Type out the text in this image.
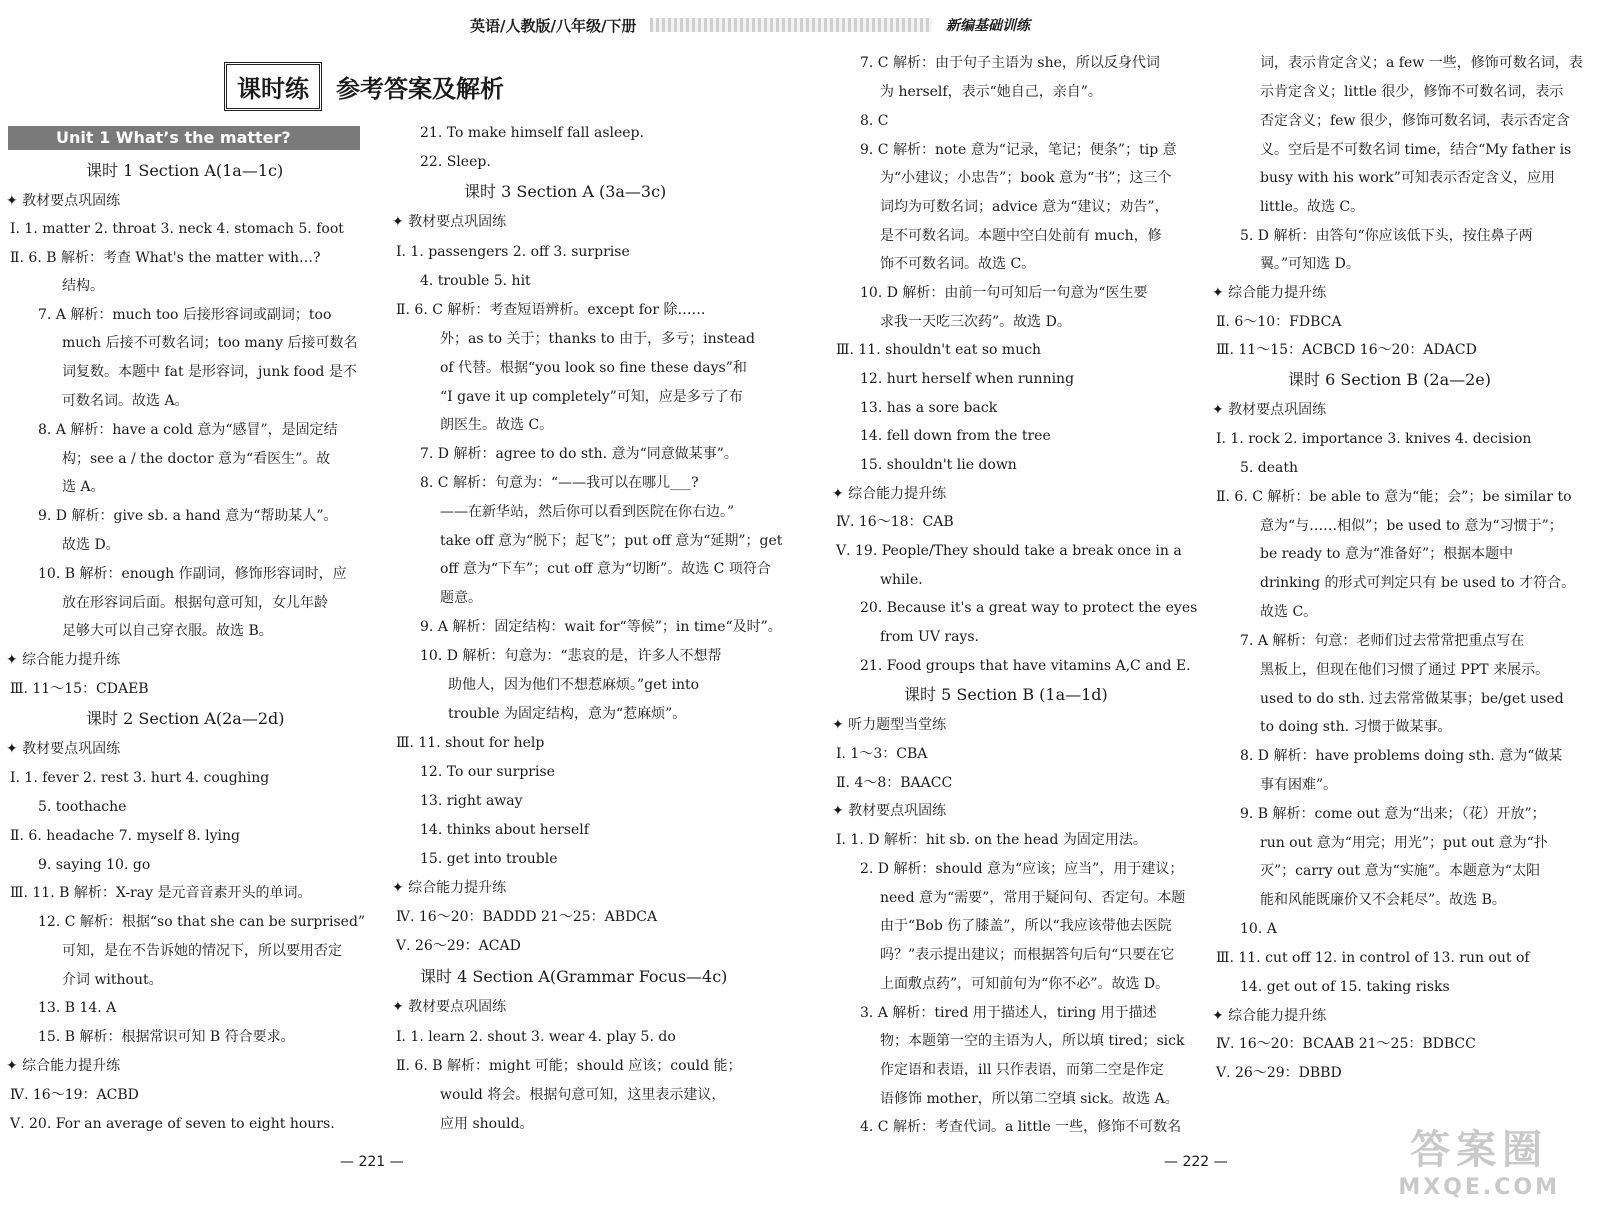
英语/人教版/八年级/下册	新编基础训练
课时练	参考答案及解析
Unit 1 What’s the matter?
课时 1 Section A(1a—1c)
✦ 教材要点巩固练
Ⅰ. 1. matter 2. throat 3. neck 4. stomach 5. foot
Ⅱ. 6. B 解析：考查 What's the matter with…?
结构。
7. A 解析：much too 后接形容词或副词；too
much 后接不可数名词；too many 后接可数名
词复数。本题中 fat 是形容词，junk food 是不
可数名词。故选 A。
8. A 解析：have a cold 意为“感冒”，是固定结
构；see a / the doctor 意为“看医生”。故
选 A。
9. D 解析：give sb. a hand 意为“帮助某人”。
故选 D。
10. B 解析：enough 作副词，修饰形容词时，应
放在形容词后面。根据句意可知，女儿年龄
足够大可以自己穿衣服。故选 B。
✦ 综合能力提升练
Ⅲ. 11～15：CDAEB
课时 2 Section A(2a—2d)
✦ 教材要点巩固练
Ⅰ. 1. fever 2. rest 3. hurt 4. coughing
5. toothache
Ⅱ. 6. headache 7. myself 8. lying
9. saying 10. go
Ⅲ. 11. B 解析：X-ray 是元音音素开头的单词。
12. C 解析：根据“so that she can be surprised”
可知，是在不告诉她的情况下，所以要用否定
介词 without。
13. B 14. A
15. B 解析：根据常识可知 B 符合要求。
✦ 综合能力提升练
Ⅳ. 16～19：ACBD
Ⅴ. 20. For an average of seven to eight hours.
21. To make himself fall asleep.
22. Sleep.
课时 3 Section A (3a—3c)
✦ 教材要点巩固练
Ⅰ. 1. passengers 2. off 3. surprise
4. trouble 5. hit
Ⅱ. 6. C 解析：考查短语辨析。except for 除……
外；as to 关于；thanks to 由于，多亏；instead
of 代替。根据“you look so fine these days”和
“I gave it up completely”可知，应是多亏了布
朗医生。故选 C。
7. D 解析：agree to do sth. 意为“同意做某事”。
8. C 解析：句意为：“——我可以在哪儿___?
——在新华站，然后你可以看到医院在你右边。”
take off 意为“脱下；起飞”；put off 意为“延期”；get
off 意为“下车”；cut off 意为“切断”。故选 C 项符合
题意。
9. A 解析：固定结构：wait for“等候”；in time“及时”。
10. D 解析：句意为：“悲哀的是，许多人不想帮
助他人，因为他们不想惹麻烦。”get into
trouble 为固定结构，意为“惹麻烦”。
Ⅲ. 11. shout for help
12. To our surprise
13. right away
14. thinks about herself
15. get into trouble
✦ 综合能力提升练
Ⅳ. 16～20：BADDD 21～25：ABDCA
Ⅴ. 26～29：ACAD
课时 4 Section A(Grammar Focus—4c)
✦ 教材要点巩固练
Ⅰ. 1. learn 2. shout 3. wear 4. play 5. do
Ⅱ. 6. B 解析：might 可能；should 应该；could 能；
would 将会。根据句意可知，这里表示建议，
应用 should。
7. C 解析：由于句子主语为 she，所以反身代词
为 herself，表示“她自己，亲自”。
8. C
9. C 解析：note 意为“记录，笔记；便条”；tip 意
为“小建议；小忠告”；book 意为“书”；这三个
词均为可数名词；advice 意为“建议；劝告”，
是不可数名词。本题中空白处前有 much，修
饰不可数名词。故选 C。
10. D 解析：由前一句可知后一句意为“医生要
求我一天吃三次药”。故选 D。
Ⅲ. 11. shouldn't eat so much
12. hurt herself when running
13. has a sore back
14. fell down from the tree
15. shouldn't lie down
✦ 综合能力提升练
Ⅳ. 16～18：CAB
Ⅴ. 19. People/They should take a break once in a
while.
20. Because it's a great way to protect the eyes
from UV rays.
21. Food groups that have vitamins A,C and E.
课时 5 Section B (1a—1d)
✦ 听力题型当堂练
Ⅰ. 1～3：CBA
Ⅱ. 4～8：BAACC
✦ 教材要点巩固练
Ⅰ. 1. D 解析：hit sb. on the head 为固定用法。
2. D 解析：should 意为“应该；应当”，用于建议；
need 意为“需要”，常用于疑问句、否定句。本题
由于“Bob 伤了膝盖”，所以“我应该带他去医院
吗？”表示提出建议；而根据答句后句“只要在它
上面敷点药”，可知前句为“你不必”。故选 D。
3. A 解析：tired 用于描述人，tiring 用于描述
物；本题第一空的主语为人，所以填 tired；sick
作定语和表语，ill 只作表语，而第二空是作定
语修饰 mother，所以第二空填 sick。故选 A。
4. C 解析：考查代词。a little 一些，修饰不可数名
词，表示肯定含义；a few 一些，修饰可数名词，表
示肯定含义；little 很少，修饰不可数名词，表示
否定含义；few 很少，修饰可数名词，表示否定含
义。空后是不可数名词 time，结合“My father is
busy with his work”可知表示否定含义，应用
little。故选 C。
5. D 解析：由答句“你应该低下头，按住鼻子两
翼。”可知选 D。
✦ 综合能力提升练
Ⅱ. 6～10：FDBCA
Ⅲ. 11～15：ACBCD 16～20：ADACD
课时 6 Section B (2a—2e)
✦ 教材要点巩固练
Ⅰ. 1. rock 2. importance 3. knives 4. decision
5. death
Ⅱ. 6. C 解析：be able to 意为“能；会”；be similar to
意为“与……相似”；be used to 意为“习惯于”；
be ready to 意为“准备好”；根据本题中
drinking 的形式可判定只有 be used to 才符合。
故选 C。
7. A 解析：句意：老师们过去常常把重点写在
黑板上，但现在他们习惯了通过 PPT 来展示。
used to do sth. 过去常常做某事；be/get used
to doing sth. 习惯于做某事。
8. D 解析：have problems doing sth. 意为“做某
事有困难”。
9. B 解析：come out 意为“出来；（花）开放”；
run out 意为“用完；用光”；put out 意为“扑
灭”；carry out 意为“实施”。本题意为“太阳
能和风能既廉价又不会耗尽”。故选 B。
10. A
Ⅲ. 11. cut off 12. in control of 13. run out of
14. get out of 15. taking risks
✦ 综合能力提升练
Ⅳ. 16～20：BCAAB 21～25：BDBCC
Ⅴ. 26～29：DBBD
— 221 —	— 222 —	答案圈
MXQE.COM
